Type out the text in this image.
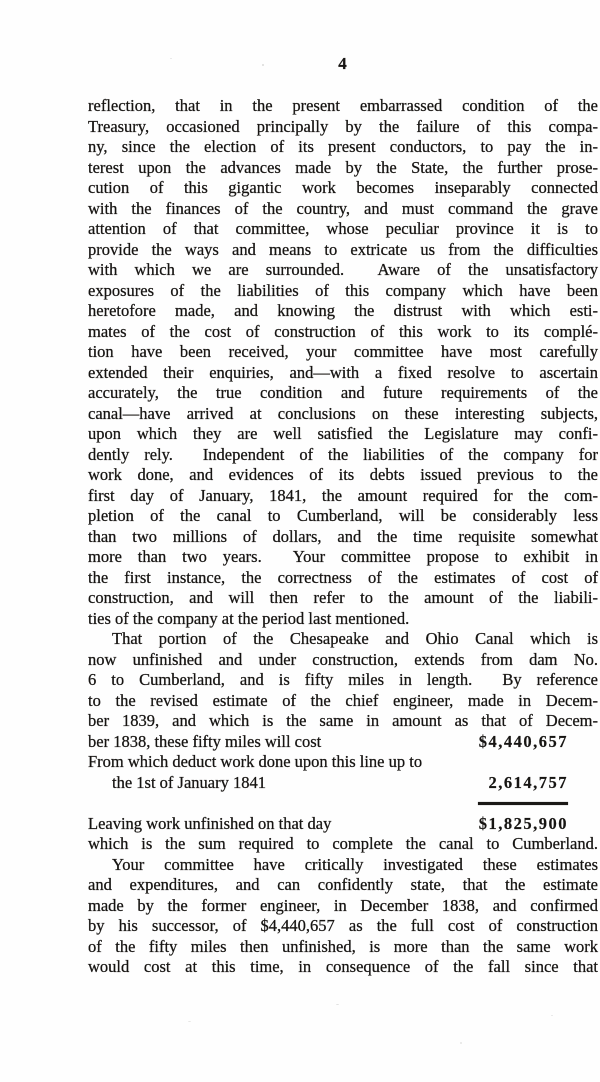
4
reflection, that in the present embarrassed condition of the
Treasury, occasioned principally by the failure of this compa-
ny, since the election of its present conductors, to pay the in-
terest upon the advances made by the State, the further prose-
cution of this gigantic work becomes inseparably connected
with the finances of the country, and must command the grave
attention of that committee, whose peculiar province it is to
provide the ways and means to extricate us from the difficulties
with which we are surrounded.  Aware of the unsatisfactory
exposures of the liabilities of this company which have been
heretofore made, and knowing the distrust with which esti-
mates of the cost of construction of this work to its complé-
tion have been received, your committee have most carefully
extended their enquiries, and—with a fixed resolve to ascertain
accurately, the true condition and future requirements of the
canal—have arrived at conclusions on these interesting subjects,
upon which they are well satisfied the Legislature may confi-
dently rely.  Independent of the liabilities of the company for
work done, and evidences of its debts issued previous to the
first day of January, 1841, the amount required for the com-
pletion of the canal to Cumberland, will be considerably less
than two millions of dollars, and the time requisite somewhat
more than two years.  Your committee propose to exhibit in
the first instance, the correctness of the estimates of cost of
construction, and will then refer to the amount of the liabili-
ties of the company at the period last mentioned.
That portion of the Chesapeake and Ohio Canal which is
now unfinished and under construction, extends from dam No.
6 to Cumberland, and is fifty miles in length.  By reference
to the revised estimate of the chief engineer, made in Decem-
ber 1839, and which is the same in amount as that of Decem-
ber 1838, these fifty miles will cost	$4,440,657
From which deduct work done upon this line up to
the 1st of January 1841	2,614,757
Leaving work unfinished on that day	$1,825,900
which is the sum required to complete the canal to Cumberland.
Your committee have critically investigated these estimates
and expenditures, and can confidently state, that the estimate
made by the former engineer, in December 1838, and confirmed
by his successor, of $4,440,657 as the full cost of construction
of the fifty miles then unfinished, is more than the same work
would cost at this time, in consequence of the fall since that
